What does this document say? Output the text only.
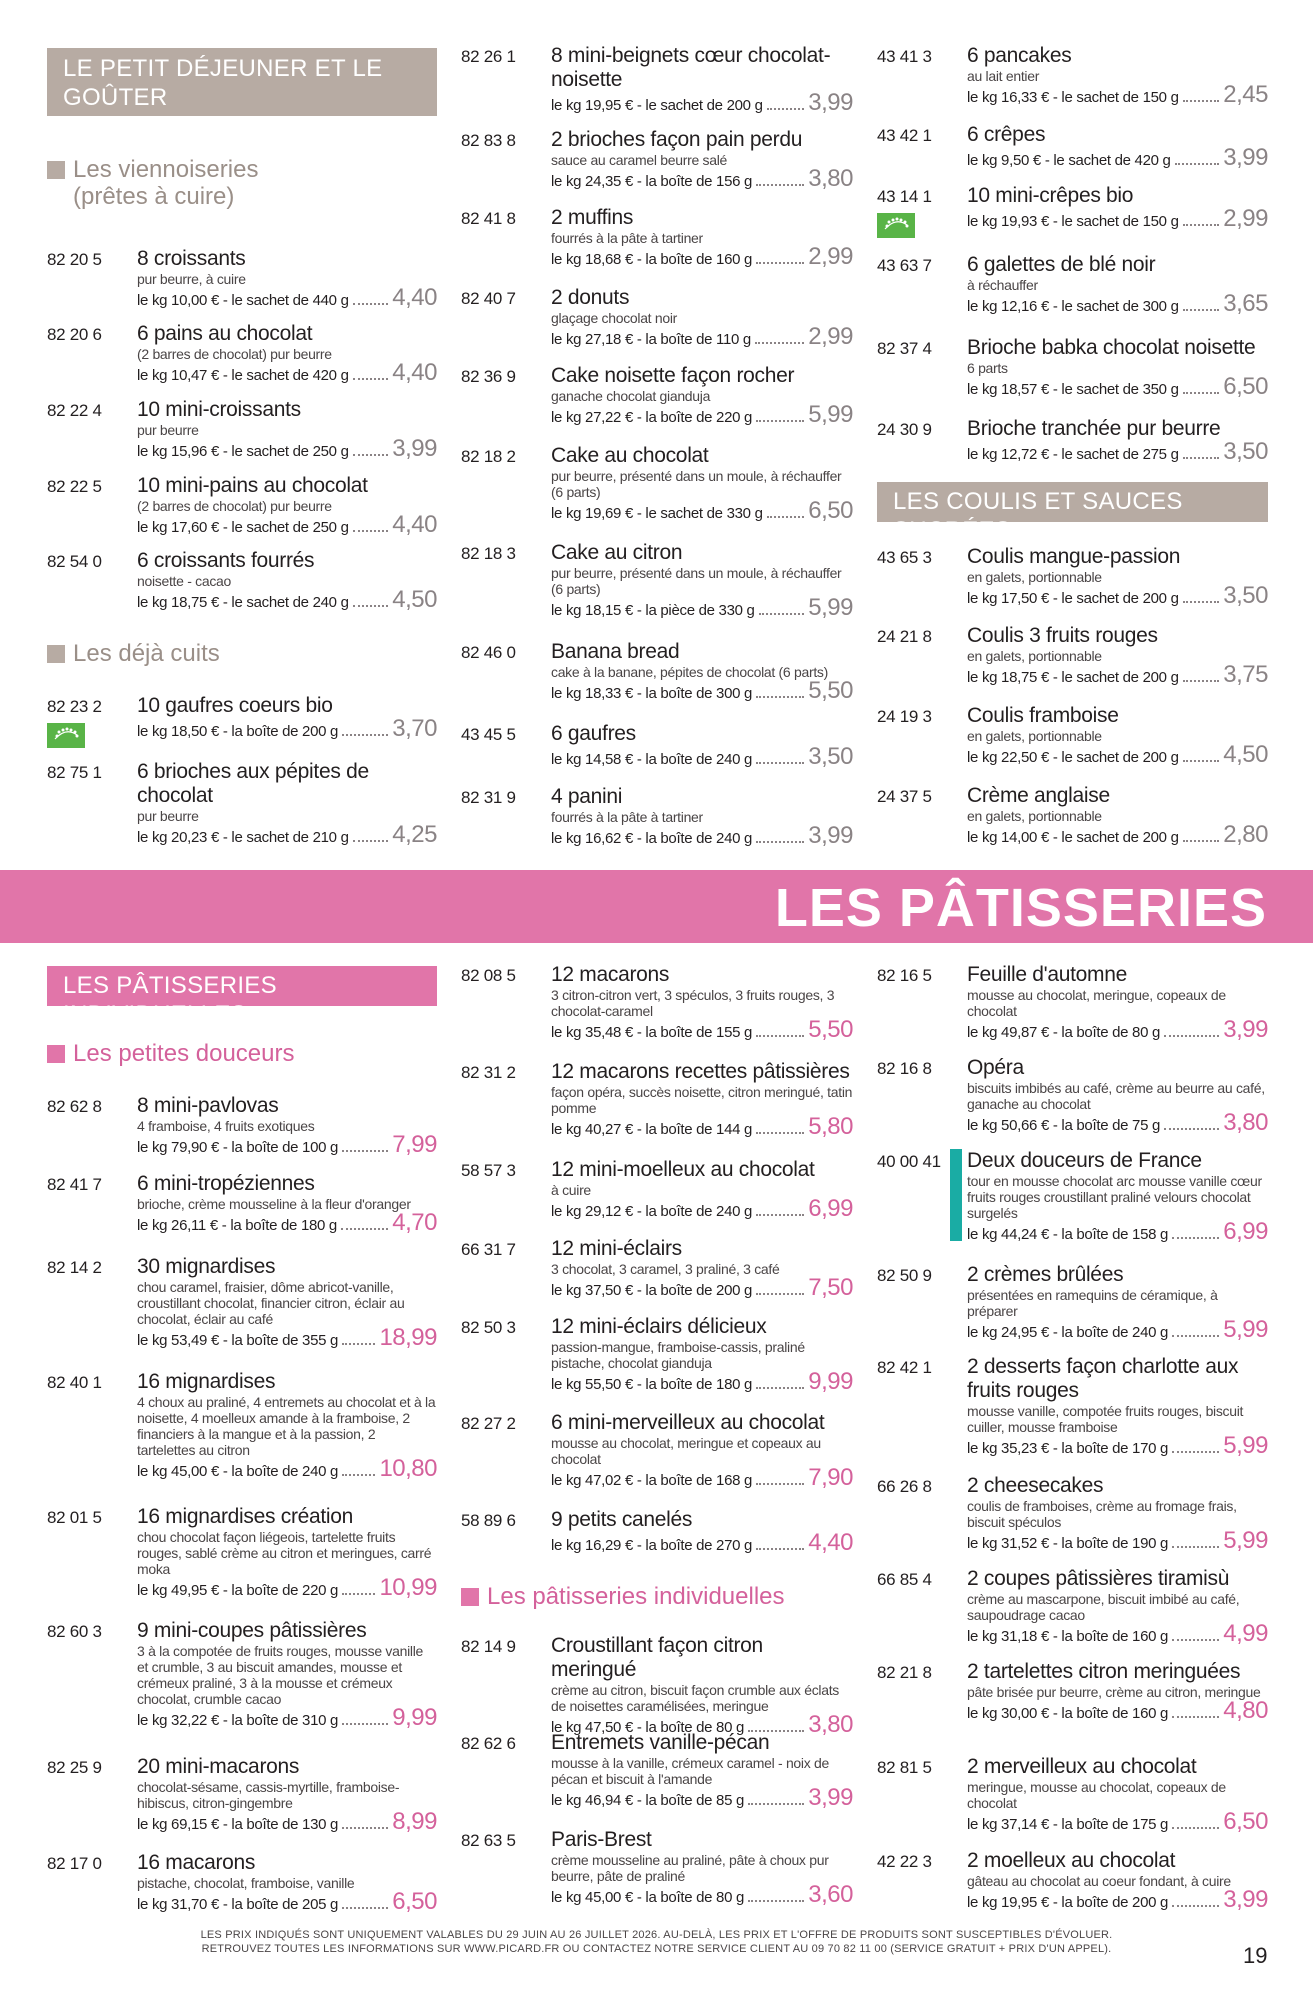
LE PETIT DÉJEUNER ET LE GOÛTER
Les viennoiseries (prêtes à cuire)
Les déjà cuits
LES PÂTISSERIES
LES PÂTISSERIES INDIVIDUELLES
Les petites douceurs
Les pâtisseries individuelles
LES COULIS ET SAUCES SUCRÉES
82 20 5	8 croissants
pur beurre, à cuire
le kg 10,00 € - le sachet de 440 g 4,40
82 20 6	6 pains au chocolat
(2 barres de chocolat) pur beurre
le kg 10,47 € - le sachet de 420 g 4,40
82 22 4	10 mini-croissants
pur beurre
le kg 15,96 € - le sachet de 250 g 3,99
82 22 5	10 mini-pains au chocolat
(2 barres de chocolat) pur beurre
le kg 17,60 € - le sachet de 250 g 4,40
82 54 0	6 croissants fourrés
noisette - cacao
le kg 18,75 € - le sachet de 240 g 4,50
82 23 2	10 gaufres coeurs bio
le kg 18,50 € - la boîte de 200 g 3,70
82 75 1	6 brioches aux pépites de chocolat
pur beurre
le kg 20,23 € - le sachet de 210 g 4,25
82 26 1	8 mini-beignets cœur chocolat-noisette
le kg 19,95 € - le sachet de 200 g 3,99
82 83 8	2 brioches façon pain perdu
sauce au caramel beurre salé
le kg 24,35 € - la boîte de 156 g 3,80
82 41 8	2 muffins
fourrés à la pâte à tartiner
le kg 18,68 € - la boîte de 160 g 2,99
82 40 7	2 donuts
glaçage chocolat noir
le kg 27,18 € - la boîte de 110 g 2,99
82 36 9	Cake noisette façon rocher
ganache chocolat gianduja
le kg 27,22 € - la boîte de 220 g 5,99
82 18 2	Cake au chocolat
pur beurre, présenté dans un moule, à réchauffer (6 parts)
le kg 19,69 € - le sachet de 330 g 6,50
82 18 3	Cake au citron
pur beurre, présenté dans un moule, à réchauffer (6 parts)
le kg 18,15 € - la pièce de 330 g 5,99
82 46 0	Banana bread
cake à la banane, pépites de chocolat (6 parts)
le kg 18,33 € - la boîte de 300 g 5,50
43 45 5	6 gaufres
le kg 14,58 € - la boîte de 240 g 3,50
82 31 9	4 panini
fourrés à la pâte à tartiner
le kg 16,62 € - la boîte de 240 g 3,99
43 41 3	6 pancakes
au lait entier
le kg 16,33 € - le sachet de 150 g 2,45
43 42 1	6 crêpes
le kg 9,50 € - le sachet de 420 g 3,99
43 14 1	10 mini-crêpes bio
le kg 19,93 € - le sachet de 150 g 2,99
43 63 7	6 galettes de blé noir
à réchauffer
le kg 12,16 € - le sachet de 300 g 3,65
82 37 4	Brioche babka chocolat noisette
6 parts
le kg 18,57 € - le sachet de 350 g 6,50
24 30 9	Brioche tranchée pur beurre
le kg 12,72 € - le sachet de 275 g 3,50
43 65 3	Coulis mangue-passion
en galets, portionnable
le kg 17,50 € - le sachet de 200 g 3,50
24 21 8	Coulis 3 fruits rouges
en galets, portionnable
le kg 18,75 € - le sachet de 200 g 3,75
24 19 3	Coulis framboise
en galets, portionnable
le kg 22,50 € - le sachet de 200 g 4,50
24 37 5	Crème anglaise
en galets, portionnable
le kg 14,00 € - le sachet de 200 g 2,80
82 62 8	8 mini-pavlovas
4 framboise, 4 fruits exotiques
le kg 79,90 € - la boîte de 100 g 7,99
82 41 7	6 mini-tropéziennes
brioche, crème mousseline à la fleur d'oranger
le kg 26,11 € - la boîte de 180 g 4,70
82 14 2	30 mignardises
chou caramel, fraisier, dôme abricot-vanille, croustillant chocolat, financier citron, éclair au chocolat, éclair au café
le kg 53,49 € - la boîte de 355 g 18,99
82 40 1	16 mignardises
4 choux au praliné, 4 entremets au chocolat et à la noisette, 4 moelleux amande à la framboise, 2 financiers à la mangue et à la passion, 2 tartelettes au citron
le kg 45,00 € - la boîte de 240 g 10,80
82 01 5	16 mignardises création
chou chocolat façon liégeois, tartelette fruits rouges, sablé crème au citron et meringues, carré moka
le kg 49,95 € - la boîte de 220 g 10,99
82 60 3	9 mini-coupes pâtissières
3 à la compotée de fruits rouges, mousse vanille et crumble, 3 au biscuit amandes, mousse et crémeux praliné, 3 à la mousse et crémeux chocolat, crumble cacao
le kg 32,22 € - la boîte de 310 g 9,99
82 25 9	20 mini-macarons
chocolat-sésame, cassis-myrtille, framboise-hibiscus, citron-gingembre
le kg 69,15 € - la boîte de 130 g 8,99
82 17 0	16 macarons
pistache, chocolat, framboise, vanille
le kg 31,70 € - la boîte de 205 g 6,50
82 08 5	12 macarons
3 citron-citron vert, 3 spéculos, 3 fruits rouges, 3 chocolat-caramel
le kg 35,48 € - la boîte de 155 g 5,50
82 31 2	12 macarons recettes pâtissières
façon opéra, succès noisette, citron meringué, tatin pomme
le kg 40,27 € - la boîte de 144 g 5,80
58 57 3	12 mini-moelleux au chocolat
à cuire
le kg 29,12 € - la boîte de 240 g 6,99
66 31 7	12 mini-éclairs
3 chocolat, 3 caramel, 3 praliné, 3 café
le kg 37,50 € - la boîte de 200 g 7,50
82 50 3	12 mini-éclairs délicieux
passion-mangue, framboise-cassis, praliné pistache, chocolat gianduja
le kg 55,50 € - la boîte de 180 g 9,99
82 27 2	6 mini-merveilleux au chocolat
mousse au chocolat, meringue et copeaux au chocolat
le kg 47,02 € - la boîte de 168 g 7,90
58 89 6	9 petits canelés
le kg 16,29 € - la boîte de 270 g 4,40
82 14 9	Croustillant façon citron meringué
crème au citron, biscuit façon crumble aux éclats de noisettes caramélisées, meringue
le kg 47,50 € - la boîte de 80 g	3,80
82 62 6	Entremets vanille-pécan
mousse à la vanille, crémeux caramel - noix de pécan et biscuit à l'amande
le kg 46,94 € - la boîte de 85 g	3,99
82 63 5	Paris-Brest
crème mousseline au praliné, pâte à choux pur beurre, pâte de praliné
le kg 45,00 € - la boîte de 80 g	3,60
82 16 5	Feuille d'automne
mousse au chocolat, meringue, copeaux de chocolat
le kg 49,87 € - la boîte de 80 g	3,99
82 16 8	Opéra
biscuits imbibés au café, crème au beurre au café, ganache au chocolat
le kg 50,66 € - la boîte de 75 g	3,80
40 00 41	Deux douceurs de France
tour en mousse chocolat arc mousse vanille cœur fruits rouges croustillant praliné velours chocolat surgelés
le kg 44,24 € - la boîte de 158 g 6,99
82 50 9	2 crèmes brûlées
présentées en ramequins de céramique, à préparer
le kg 24,95 € - la boîte de 240 g 5,99
82 42 1	2 desserts façon charlotte aux fruits rouges
mousse vanille, compotée fruits rouges, biscuit cuiller, mousse framboise
le kg 35,23 € - la boîte de 170 g 5,99
66 26 8	2 cheesecakes
coulis de framboises, crème au fromage frais, biscuit spéculos
le kg 31,52 € - la boîte de 190 g 5,99
66 85 4	2 coupes pâtissières tiramisù
crème au mascarpone, biscuit imbibé au café, saupoudrage cacao
le kg 31,18 € - la boîte de 160 g 4,99
82 21 8	2 tartelettes citron meringuées
pâte brisée pur beurre, crème au citron, meringue
le kg 30,00 € - la boîte de 160 g 4,80
82 81 5	2 merveilleux au chocolat
meringue, mousse au chocolat, copeaux de chocolat
le kg 37,14 € - la boîte de 175 g 6,50
42 22 3	2 moelleux au chocolat
gâteau au chocolat au coeur fondant, à cuire
le kg 19,95 € - la boîte de 200 g 3,99
LES PRIX INDIQUÉS SONT UNIQUEMENT VALABLES DU 29 JUIN AU 26 JUILLET 2026. AU-DELÀ, LES PRIX ET L'OFFRE DE PRODUITS SONT SUSCEPTIBLES D'ÉVOLUER.
RETROUVEZ TOUTES LES INFORMATIONS SUR WWW.PICARD.FR OU CONTACTEZ NOTRE SERVICE CLIENT AU 09 70 82 11 00 (SERVICE GRATUIT + PRIX D'UN APPEL).	19
